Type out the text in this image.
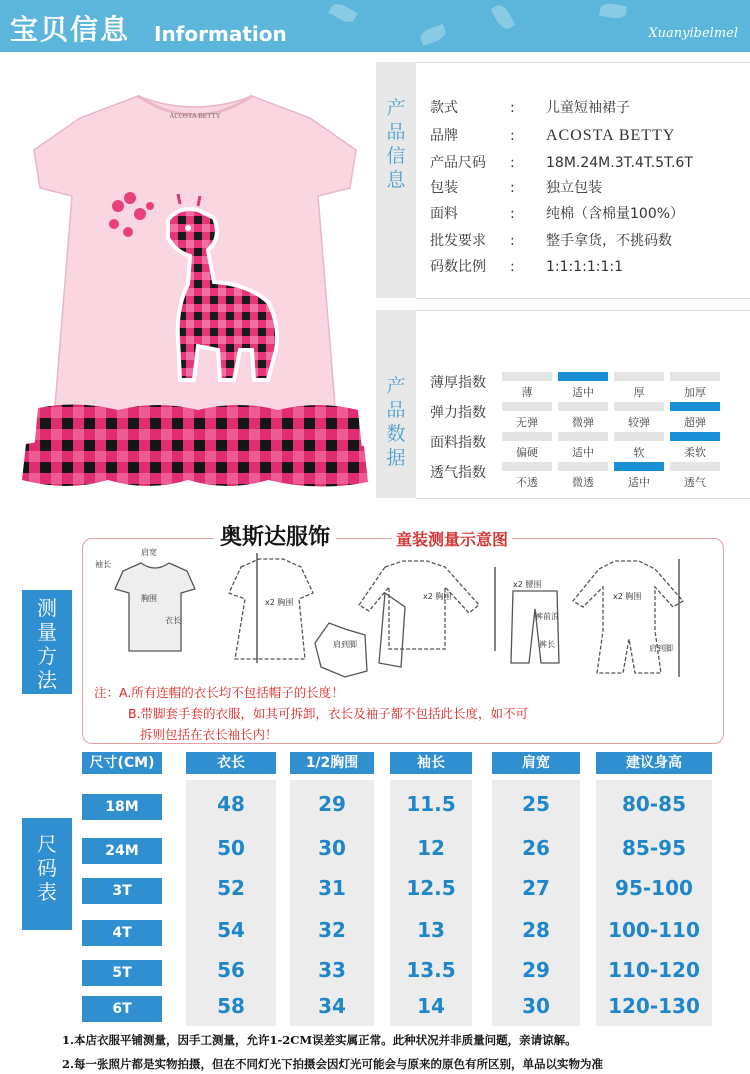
宝贝信息 Information	Xuanyibelmel
ACOSTA BETTY	产
品
信
息
款式	: 儿童短袖裙子
品牌	: ACOSTA BETTY
产品尺码 : 18M.24M.3T.4T.5T.6T
包装	: 独立包装
面料	: 纯棉（含棉量100%）
批发要求 : 整手拿货，不挑码数
码数比例 : 1:1:1:1:1:1
产
品
数
据
薄厚指数
薄	适中	厚	加厚
弹力指数
无弹	微弹	较弹	超弹
面料指数
偏硬	适中	软	柔软
透气指数
不透	微透	适中	透气
测
量
方
法
袖长
肩宽
胸围
衣长
x2 胸围
肩到脚
x2 胸围
x2 腰围
裤前浪
裤长
x2 胸围
肩到脚
奥斯达服饰	童装测量示意图
注：A.所有连帽的衣长均不包括帽子的长度！
B.带脚套手套的衣服，如其可拆卸，衣长及袖子都不包括此长度，如不可
拆则包括在衣长袖长内！
尺
码
表
尺寸(CM)	衣长	1/2胸围	袖长	肩宽	建议身高
18M	48	29	11.5	25	80-85
24M	50	30	12	26	85-95
3T	52	31	12.5	27	95-100
4T	54	32	13	28	100-110
5T	56	33	13.5	29	110-120
6T	58	34	14	30	120-130
1.本店衣服平铺测量，因手工测量，允许1-2CM误差实属正常。此种状况并非质量问题，亲请谅解。
2.每一张照片都是实物拍摄，但在不同灯光下拍摄会因灯光可能会与原来的原色有所区别，单品以实物为准
